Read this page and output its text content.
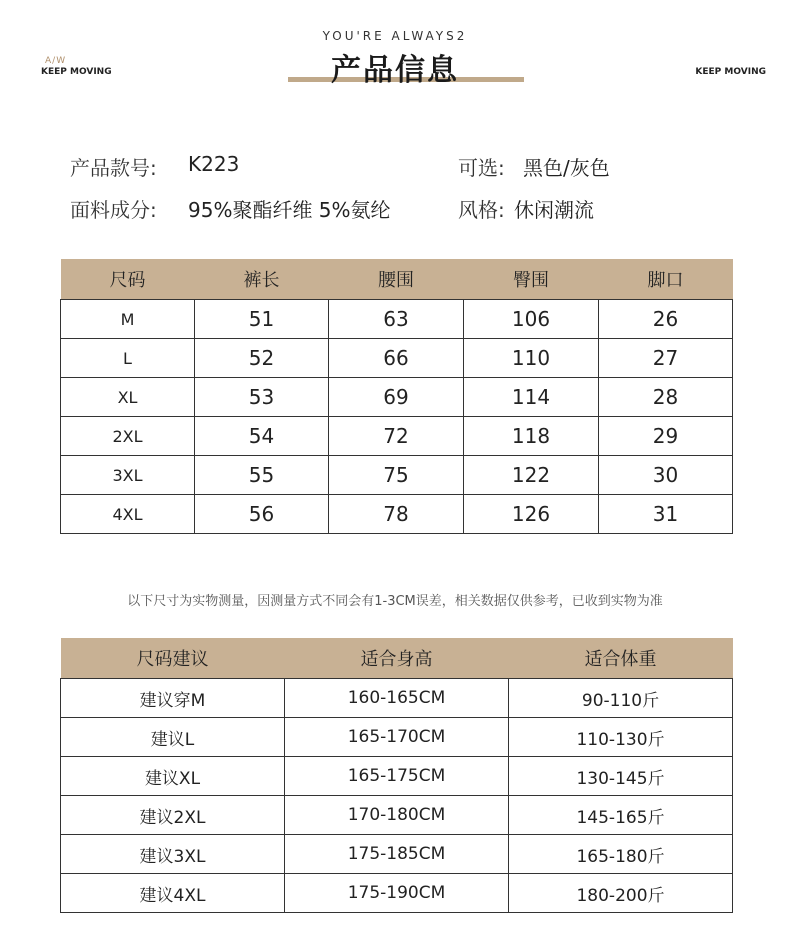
YOU'RE ALWAYS2
产品信息
A/W
KEEP MOVING	KEEP MOVING
产品款号: K223	可选: 黑色/灰色
面料成分: 95%聚酯纤维 5%氨纶	风格: 休闲潮流
尺码	裤长	腰围	臀围	脚口
M	51	63	106	26
L	52	66	110	27
XL	53	69	114	28
2XL	54	72	118	29
3XL	55	75	122	30
4XL	56	78	126	31
以下尺寸为实物测量，因测量方式不同会有1-3CM误差，相关数据仅供参考，已收到实物为准
尺码建议	适合身高	适合体重
建议穿M	160-165CM	90-110斤
建议L	165-170CM	110-130斤
建议XL	165-175CM	130-145斤
建议2XL	170-180CM	145-165斤
建议3XL	175-185CM	165-180斤
建议4XL	175-190CM	180-200斤
